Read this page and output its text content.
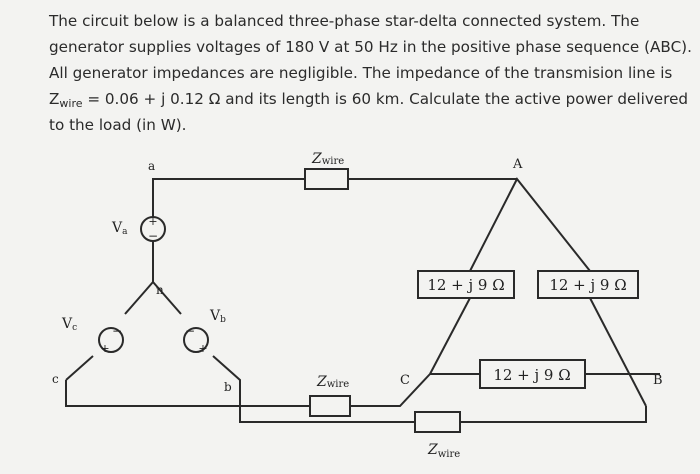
The circuit below is a balanced three-phase star-delta connected system. The
generator supplies voltages of 180 V at 50 Hz in the positive phase sequence (ABC).
All generator impedances are negligible. The impedance of the transmision line is
$Z_{wire} = 0.06 + j$ 0.12 Ω and its length is 60 km. Calculate the active power delivered
to the load (in W).
+
−
+
−
+
−
12 + j 9 Ω	12 + j 9 Ω
12 + j 9 Ω
Zwire
Zwire
$Z_{wire}$
Va
Vc
Vb
a
n
c
b
A
C	B
